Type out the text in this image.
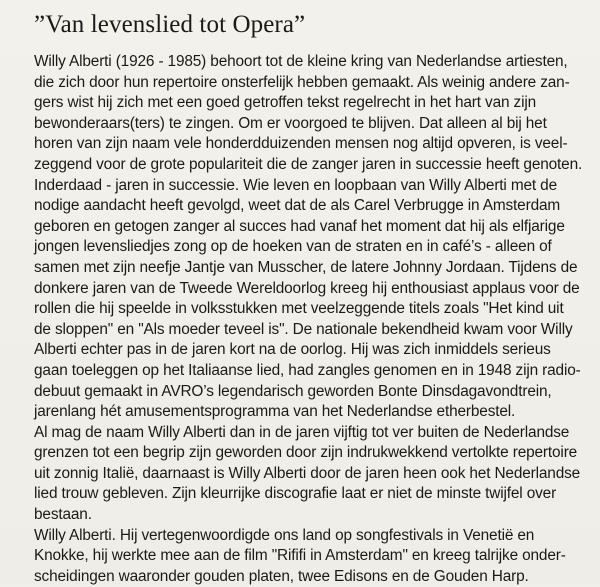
”Van levenslied tot Opera”
Willy Alberti (1926 - 1985) behoort tot de kleine kring van Nederlandse artiesten,
die zich door hun repertoire onsterfelijk hebben gemaakt. Als weinig andere zan-
gers wist hij zich met een goed getroffen tekst regelrecht in het hart van zijn
bewonderaars(ters) te zingen. Om er voorgoed te blijven. Dat alleen al bij het
horen van zijn naam vele honderdduizenden mensen nog altijd opveren, is veel-
zeggend voor de grote populariteit die de zanger jaren in successie heeft genoten.
Inderdaad - jaren in successie. Wie leven en loopbaan van Willy Alberti met de
nodige aandacht heeft gevolgd, weet dat de als Carel Verbrugge in Amsterdam
geboren en getogen zanger al succes had vanaf het moment dat hij als elfjarige
jongen levensliedjes zong op de hoeken van de straten en in café’s - alleen of
samen met zijn neefje Jantje van Musscher, de latere Johnny Jordaan. Tijdens de
donkere jaren van de Tweede Wereldoorlog kreeg hij enthousiast applaus voor de
rollen die hij speelde in volksstukken met veelzeggende titels zoals "Het kind uit
de sloppen" en "Als moeder teveel is". De nationale bekendheid kwam voor Willy
Alberti echter pas in de jaren kort na de oorlog. Hij was zich inmiddels serieus
gaan toeleggen op het Italiaanse lied, had zangles genomen en in 1948 zijn radio-
debuut gemaakt in AVRO’s legendarisch geworden Bonte Dinsdagavondtrein,
jarenlang hét amusementsprogramma van het Nederlandse etherbestel.
Al mag de naam Willy Alberti dan in de jaren vijftig tot ver buiten de Nederlandse
grenzen tot een begrip zijn geworden door zijn indrukwekkend vertolkte repertoire
uit zonnig Italië, daarnaast is Willy Alberti door de jaren heen ook het Nederlandse
lied trouw gebleven. Zijn kleurrijke discografie laat er niet de minste twijfel over
bestaan.
Willy Alberti. Hij vertegenwoordigde ons land op songfestivals in Venetië en
Knokke, hij werkte mee aan de film "Rififi in Amsterdam" en kreeg talrijke onder-
scheidingen waaronder gouden platen, twee Edisons en de Gouden Harp.
